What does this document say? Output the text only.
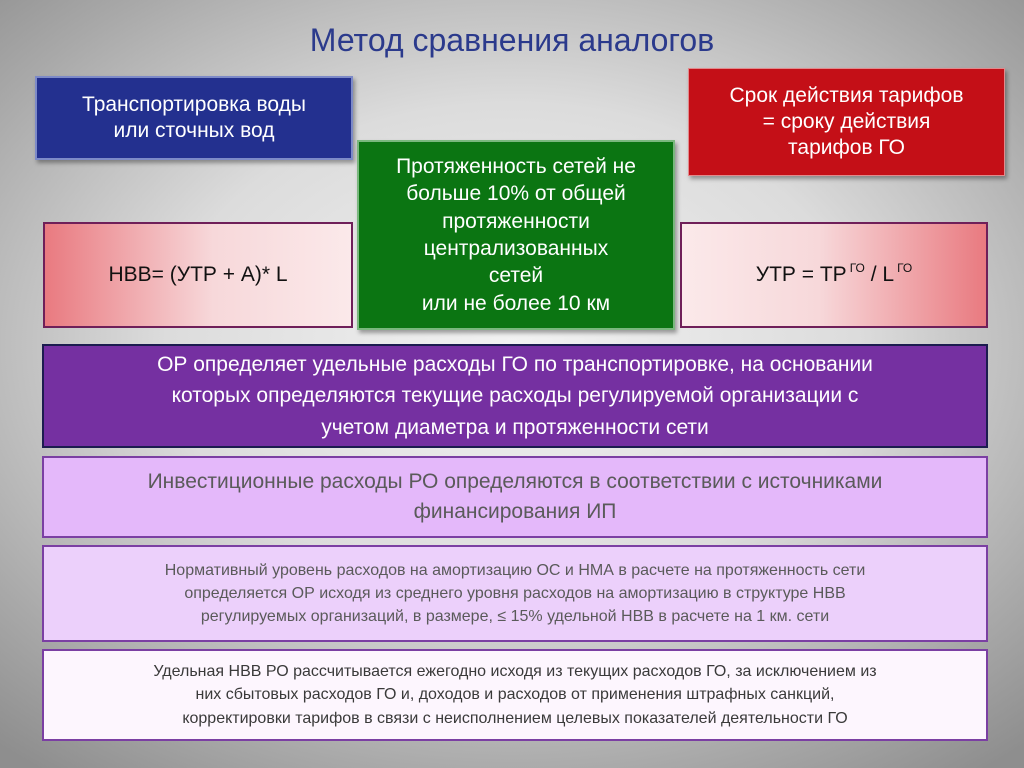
Метод сравнения аналогов
Транспортировка воды
или сточных вод
Срок действия тарифов
= сроку действия
тарифов ГО
Протяженность сетей не
больше 10% от общей
протяженности
централизованных
сетей
или не более 10 км
НВВ= (УТР + А)* L	УТР = ТР $^{ГО}$ / L $^{ГО}$
ОР определяет удельные расходы ГО по транспортировке, на основании
которых определяются текущие расходы регулируемой организации с
учетом диаметра и протяженности сети
Инвестиционные расходы РО определяются в соответствии с источниками
финансирования ИП
Нормативный уровень расходов на амортизацию ОС и НМА в расчете на протяженность сети
определяется ОР исходя из среднего уровня расходов на амортизацию в структуре НВВ
регулируемых организаций, в размере, ≤ 15% удельной НВВ в расчете на 1 км. сети
Удельная НВВ РО рассчитывается ежегодно исходя из текущих расходов ГО, за исключением из
них сбытовых расходов ГО и, доходов и расходов от применения штрафных санкций,
корректировки тарифов в связи с неисполнением целевых показателей деятельности ГО
